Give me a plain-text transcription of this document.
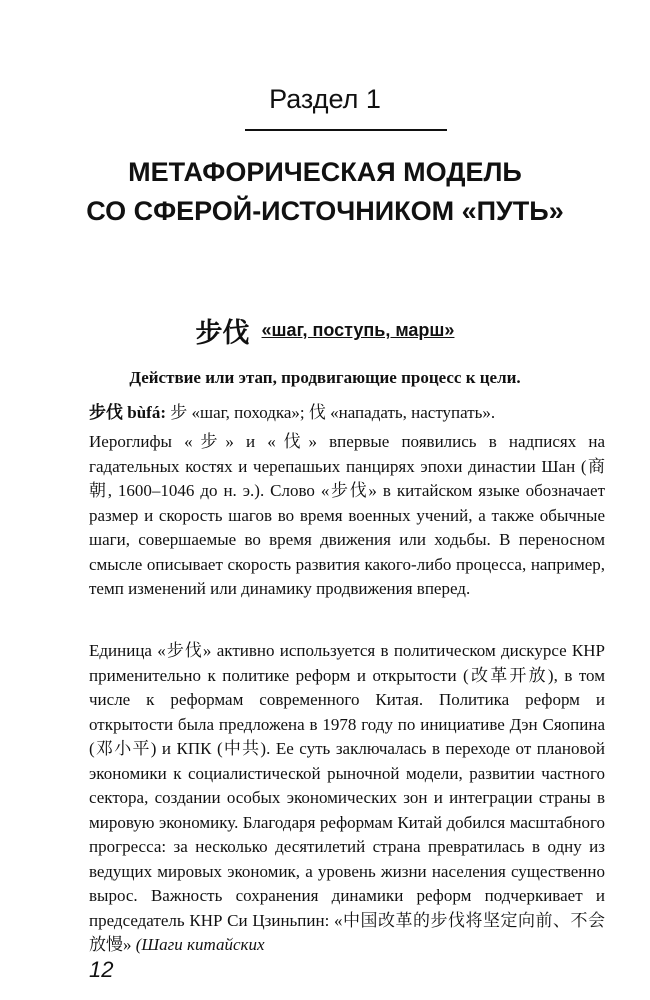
Раздел 1
МЕТАФОРИЧЕСКАЯ МОДЕЛЬ
СО СФЕРОЙ-ИСТОЧНИКОМ «ПУТЬ»
步伐 «шаг, поступь, марш»
Действие или этап, продвигающие процесс к цели.
步伐 bùfá: 步 «шаг, походка»; 伐 «нападать, наступать».
Иероглифы «步» и «伐» впервые появились в надписях на гадательных костях и черепашьих панцирях эпохи династии Шан (商朝, 1600–1046 до н. э.). Слово «步伐» в китайском языке обозначает размер и скорость шагов во время военных учений, а также обычные шаги, совершаемые во время движения или ходьбы. В переносном смысле описывает скорость развития какого-либо процесса, например, темп изменений или динамику продвижения вперед.
Единица «步伐» активно используется в политическом дискурсе КНР применительно к политике реформ и открытости (改革开放), в том числе к реформам современного Китая. Политика реформ и открытости была предложена в 1978 году по инициативе Дэн Сяопина (邓小平) и КПК (中共). Ее суть заключалась в переходе от плановой экономики к социалистической рыночной модели, развитии частного сектора, создании особых экономических зон и интеграции страны в мировую экономику. Благодаря реформам Китай добился масштабного прогресса: за несколько десятилетий страна превратилась в одну из ведущих мировых экономик, а уровень жизни населения существенно вырос. Важность сохранения динамики реформ подчеркивает и председатель КНР Си Цзиньпин: «中国改革的步伐将坚定向前、不会放慢» (Шаги китайских
12
